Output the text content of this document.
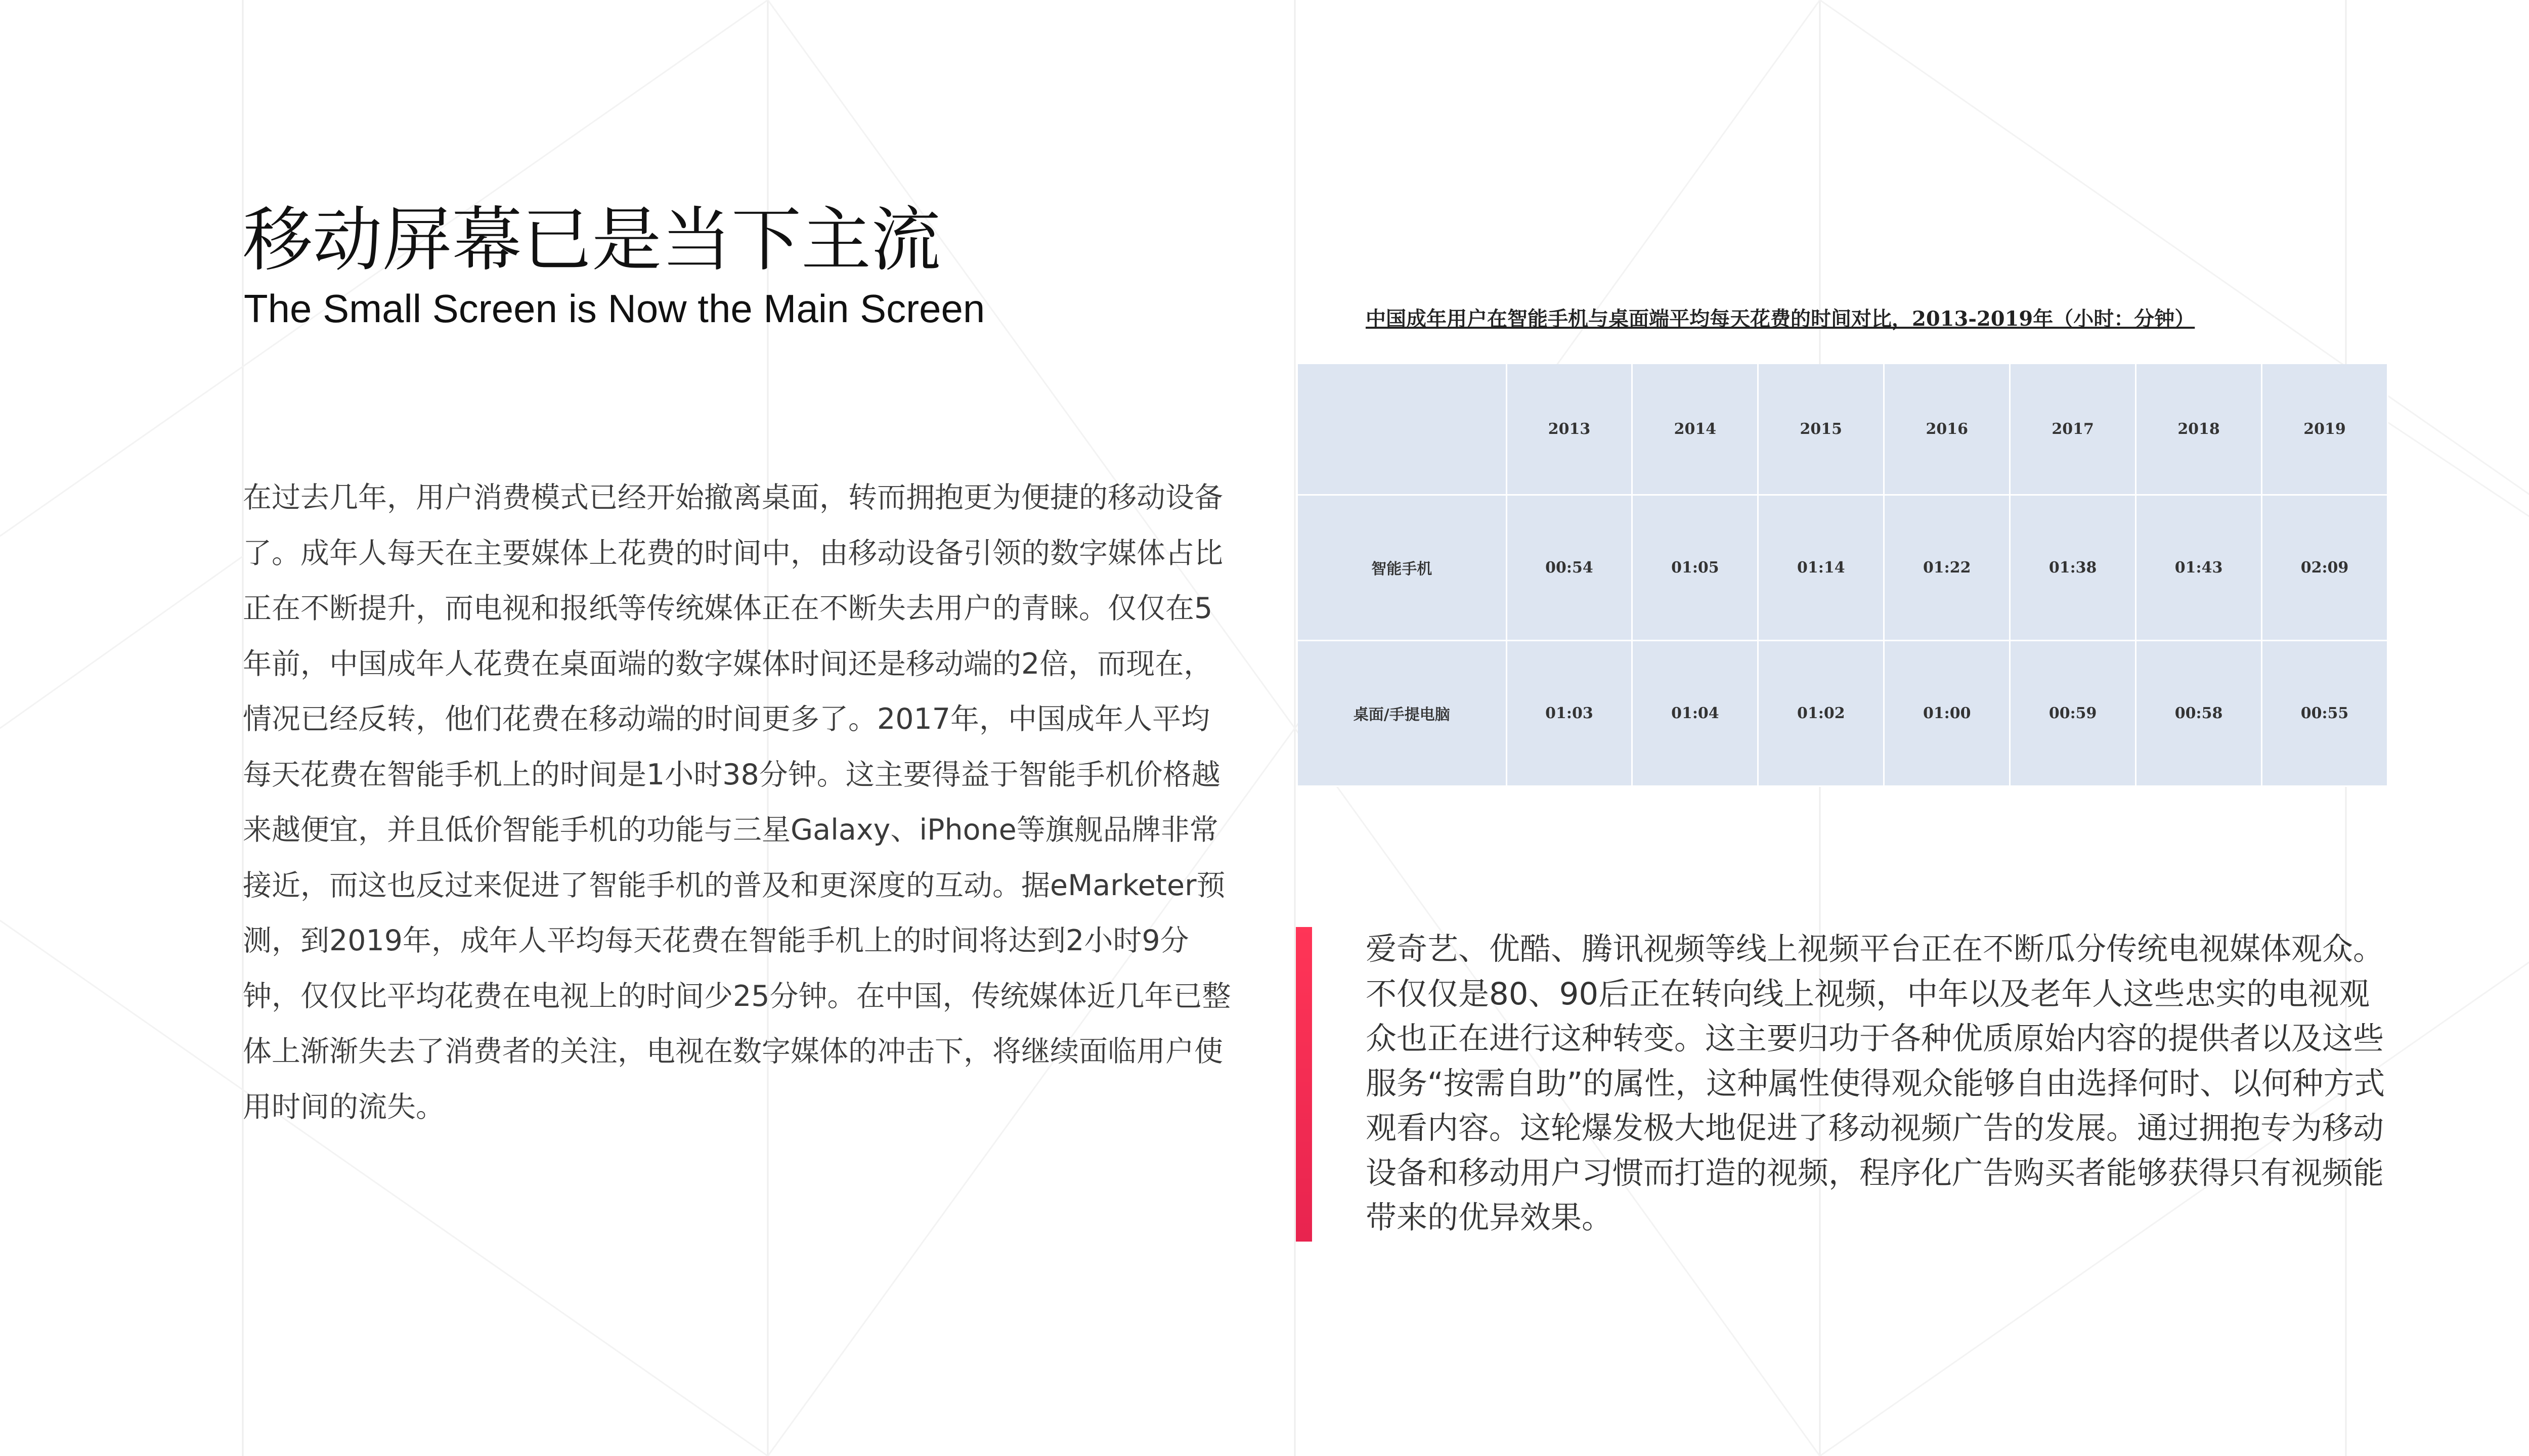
移动屏幕已是当下主流
The Small Screen is Now the Main Screen

在过去几年，用户消费模式已经开始撤离桌面，转而拥抱更为便捷的移动设备了。成年人每天在主要媒体上花费的时间中，由移动设备引领的数字媒体占比正在不断提升，而电视和报纸等传统媒体正在不断失去用户的青睐。仅仅在5年前，中国成年人花费在桌面端的数字媒体时间还是移动端的2倍，而现在，情况已经反转，他们花费在移动端的时间更多了。2017年，中国成年人平均每天花费在智能手机上的时间是1小时38分钟。这主要得益于智能手机价格越来越便宜，并且低价智能手机的功能与三星Galaxy、iPhone等旗舰品牌非常接近，而这也反过来促进了智能手机的普及和更深度的互动。据eMarketer预测，到2019年，成年人平均每天花费在智能手机上的时间将达到2小时9分钟，仅仅比平均花费在电视上的时间少25分钟。在中国，传统媒体近几年已整体上渐渐失去了消费者的关注，电视在数字媒体的冲击下，将继续面临用户使用时间的流失。

中国成年用户在智能手机与桌面端平均每天花费的时间对比，2013-2019年（小时：分钟）
	2013	2014	2015	2016	2017	2018	2019
智能手机	00:54	01:05	01:14	01:22	01:38	01:43	02:09
桌面/手提电脑	01:03	01:04	01:02	01:00	00:59	00:58	00:55

爱奇艺、优酷、腾讯视频等线上视频平台正在不断瓜分传统电视媒体观众。不仅仅是80、90后正在转向线上视频，中年以及老年人这些忠实的电视观众也正在进行这种转变。这主要归功于各种优质原始内容的提供者以及这些服务“按需自助”的属性，这种属性使得观众能够自由选择何时、以何种方式观看内容。这轮爆发极大地促进了移动视频广告的发展。通过拥抱专为移动设备和移动用户习惯而打造的视频，程序化广告购买者能够获得只有视频能带来的优异效果。
